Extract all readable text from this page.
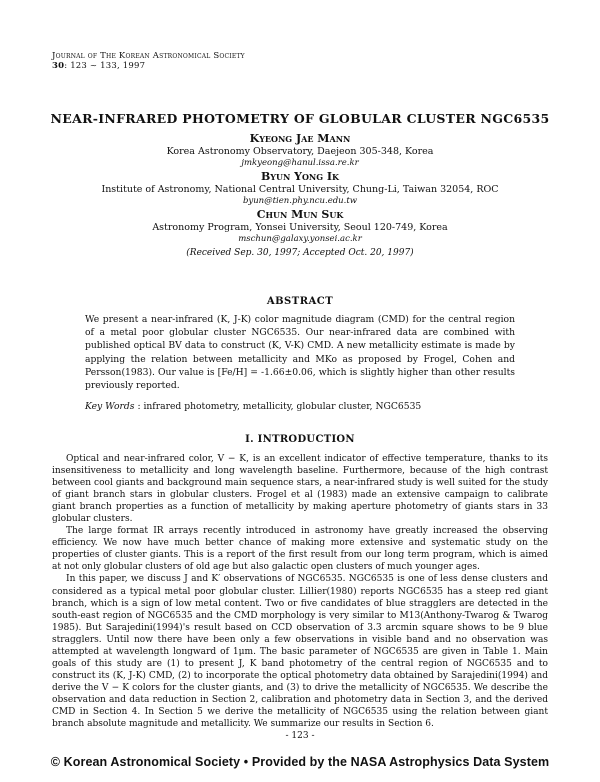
Journal of The Korean Astronomical Society
30: 123 ~ 133, 1997
NEAR-INFRARED PHOTOMETRY OF GLOBULAR CLUSTER NGC6535
Kyeong Jae Mann
Korea Astronomy Observatory, Daejeon 305-348, Korea
jmkyeong@hanul.issa.re.kr
Byun Yong Ik
Institute of Astronomy, National Central University, Chung-Li, Taiwan 32054, ROC
byun@tien.phy.ncu.edu.tw
Chun Mun Suk
Astronomy Program, Yonsei University, Seoul 120-749, Korea
mschun@galaxy.yonsei.ac.kr
(Received Sep. 30, 1997; Accepted Oct. 20, 1997)
ABSTRACT
We present a near-infrared (K, J-K) color magnitude diagram (CMD) for the central region of a metal poor globular cluster NGC6535. Our near-infrared data are combined with published optical BV data to construct (K, V-K) CMD. A new metallicity estimate is made by applying the relation between metallicity and MKo as proposed by Frogel, Cohen and Persson(1983). Our value is [Fe/H] = -1.66±0.06, which is slightly higher than other results previously reported.
Key Words : infrared photometry, metallicity, globular cluster, NGC6535
I. INTRODUCTION

Optical and near-infrared color, V − K, is an excellent indicator of effective temperature, thanks to its insensitiveness to metallicity and long wavelength baseline. Furthermore, because of the high contrast between cool giants and background main sequence stars, a near-infrared study is well suited for the study of giant branch stars in globular clusters. Frogel et al (1983) made an extensive campaign to calibrate giant branch properties as a function of metallicity by making aperture photometry of giants stars in 33 globular clusters.

The large format IR arrays recently introduced in astronomy have greatly increased the observing efficiency. We now have much better chance of making more extensive and systematic study on the properties of cluster giants. This is a report of the first result from our long term program, which is aimed at not only globular clusters of old age but also galactic open clusters of much younger ages.

In this paper, we discuss J and K′ observations of NGC6535. NGC6535 is one of less dense clusters and considered as a typical metal poor globular cluster. Lillier(1980) reports NGC6535 has a steep red giant branch, which is a sign of low metal content. Two or five candidates of blue stragglers are detected in the south-east region of NGC6535 and the CMD morphology is very similar to M13(Anthony-Twarog & Twarog 1985). But Sarajedini(1994)'s result based on CCD observation of 3.3 arcmin square shows to be 9 blue stragglers. Until now there have been only a few observations in visible band and no observation was attempted at wavelength longward of 1μm. The basic parameter of NGC6535 are given in Table 1. Main goals of this study are (1) to present J, K band photometry of the central region of NGC6535 and to construct its (K, J-K) CMD, (2) to incorporate the optical photometry data obtained by Sarajedini(1994) and derive the V − K colors for the cluster giants, and (3) to drive the metallicity of NGC6535. We describe the observation and data reduction in Section 2, calibration and photometry data in Section 3, and the derived CMD in Section 4. In Section 5 we derive the metallicity of NGC6535 using the relation between giant branch absolute magnitude and metallicity. We summarize our results in Section 6.

- 123 -
© Korean Astronomical Society • Provided by the NASA Astrophysics Data System
